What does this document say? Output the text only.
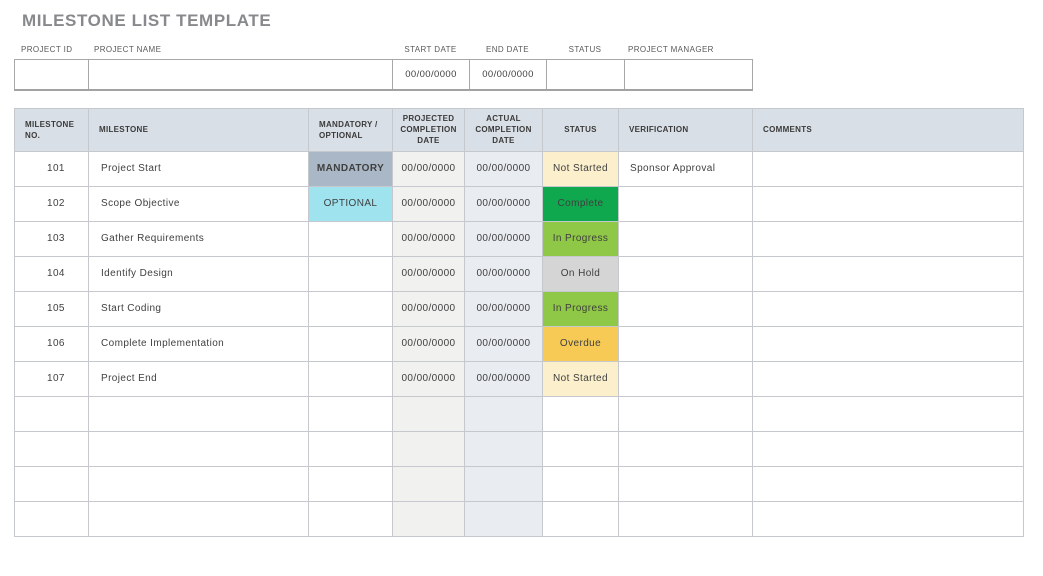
MILESTONE LIST TEMPLATE
PROJECT ID	PROJECT NAME	START DATE	END DATE	STATUS	PROJECT MANAGER
		00/00/0000	00/00/0000		
MILESTONE NO.	MILESTONE	MANDATORY / OPTIONAL	PROJECTED COMPLETION DATE	ACTUAL COMPLETION DATE	STATUS	VERIFICATION	COMMENTS
101	Project Start	MANDATORY	00/00/0000	00/00/0000	Not Started	Sponsor Approval	
102	Scope Objective	OPTIONAL	00/00/0000	00/00/0000	Complete		
103	Gather Requirements		00/00/0000	00/00/0000	In Progress		
104	Identify Design		00/00/0000	00/00/0000	On Hold		
105	Start Coding		00/00/0000	00/00/0000	In Progress		
106	Complete Implementation		00/00/0000	00/00/0000	Overdue		
107	Project End		00/00/0000	00/00/0000	Not Started		
